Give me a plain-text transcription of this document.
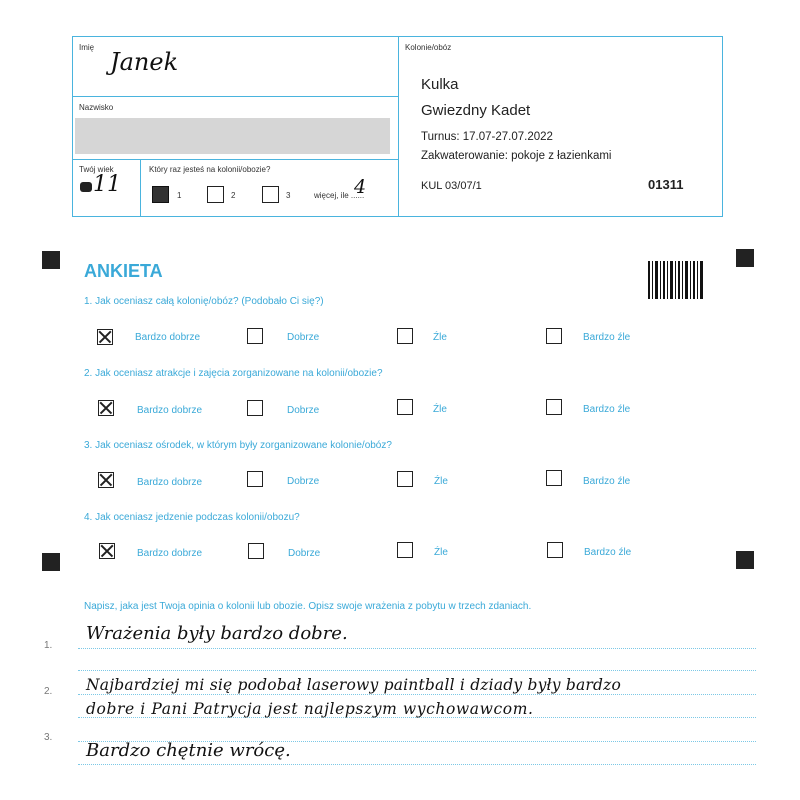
Imię
Janek
Nazwisko
Twój wiek
11
Który raz jesteś na kolonii/obozie?
1	2	3	więcej, ile ......
4
Kolonie/obóz
Kulka
Gwiezdny Kadet
Turnus: 17.07-27.07.2022
Zakwaterowanie: pokoje z łazienkami
KUL 03/07/1	01311
ANKIETA
1. Jak oceniasz całą kolonię/obóz? (Podobało Ci się?)
Bardzo dobrze	Dobrze	Źle	Bardzo źle
2. Jak oceniasz atrakcje i zajęcia zorganizowane na kolonii/obozie?
Bardzo dobrze	Dobrze	Źle	Bardzo źle
3. Jak oceniasz ośrodek, w którym były zorganizowane kolonie/obóz?
Bardzo dobrze	Dobrze	Źle	Bardzo źle
4. Jak oceniasz jedzenie podczas kolonii/obozu?
Bardzo dobrze	Dobrze	Źle	Bardzo źle
Napisz, jaka jest Twoja opinia o kolonii lub obozie. Opisz swoje wrażenia z pobytu w trzech zdaniach.
1.
2.
3.
Wrażenia były bardzo dobre.
Najbardziej mi się podobał laserowy paintball i dziady były bardzo
dobre i Pani Patrycja jest najlepszym wychowawcom.
Bardzo chętnie wrócę.
